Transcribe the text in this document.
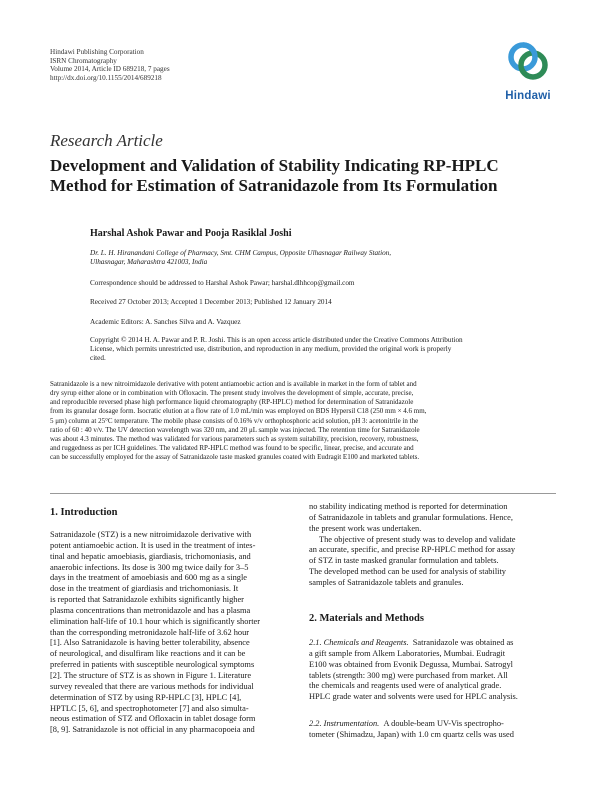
Hindawi Publishing Corporation
ISRN Chromatography
Volume 2014, Article ID 689218, 7 pages
http://dx.doi.org/10.1155/2014/689218
Hindawi
Research Article
Development and Validation of Stability Indicating RP-HPLC
Method for Estimation of Satranidazole from Its Formulation
Harshal Ashok Pawar and Pooja Rasiklal Joshi
Dr. L. H. Hiranandani College of Pharmacy, Smt. CHM Campus, Opposite Ulhasnagar Railway Station,
Ulhasnagar, Maharashtra 421003, India
Correspondence should be addressed to Harshal Ashok Pawar; harshal.dlhhcop@gmail.com
Received 27 October 2013; Accepted 1 December 2013; Published 12 January 2014
Academic Editors: A. Sanches Silva and A. Vazquez
Copyright © 2014 H. A. Pawar and P. R. Joshi. This is an open access article distributed under the Creative Commons Attribution
License, which permits unrestricted use, distribution, and reproduction in any medium, provided the original work is properly
cited.
Satranidazole is a new nitroimidazole derivative with potent antiamoebic action and is available in market in the form of tablet and
dry syrup either alone or in combination with Ofloxacin. The present study involves the development of simple, accurate, precise,
and reproducible reversed phase high performance liquid chromatography (RP-HPLC) method for determination of Satranidazole
from its granular dosage form. Isocratic elution at a flow rate of 1.0 mL/min was employed on BDS Hypersil C18 (250 mm × 4.6 mm,
5 μm) column at 25°C temperature. The mobile phase consists of 0.16% v/v orthophosphoric acid solution, pH 3: acetonitrile in the
ratio of 60 : 40 v/v. The UV detection wavelength was 320 nm, and 20 μL sample was injected. The retention time for Satranidazole
was about 4.3 minutes. The method was validated for various parameters such as system suitability, precision, recovery, robustness,
and ruggedness as per ICH guidelines. The validated RP-HPLC method was found to be specific, linear, precise, and accurate and
can be successfully employed for the assay of Satranidazole taste masked granules coated with Eudragit E100 and marketed tablets.
1. Introduction
Satranidazole (STZ) is a new nitroimidazole derivative with
potent antiamoebic action. It is used in the treatment of intes-
tinal and hepatic amoebiasis, giardiasis, trichomoniasis, and
anaerobic infections. Its dose is 300 mg twice daily for 3–5
days in the treatment of amoebiasis and 600 mg as a single
dose in the treatment of giardiasis and trichomoniasis. It
is reported that Satranidazole exhibits significantly higher
plasma concentrations than metronidazole and has a plasma
elimination half-life of 10.1 hour which is significantly shorter
than the corresponding metronidazole half-life of 3.62 hour
[1]. Also Satranidazole is having better tolerability, absence
of neurological, and disulfiram like reactions and it can be
preferred in patients with susceptible neurological symptoms
[2]. The structure of STZ is as shown in Figure 1. Literature
survey revealed that there are various methods for individual
determination of STZ by using RP-HPLC [3], HPLC [4],
HPTLC [5, 6], and spectrophotometer [7] and also simulta-
neous estimation of STZ and Ofloxacin in tablet dosage form
[8, 9]. Satranidazole is not official in any pharmacopoeia and
no stability indicating method is reported for determination
of Satranidazole in tablets and granular formulations. Hence,
the present work was undertaken.
The objective of present study was to develop and validate
an accurate, specific, and precise RP-HPLC method for assay
of STZ in taste masked granular formulation and tablets.
The developed method can be used for analysis of stability
samples of Satranidazole tablets and granules.
2. Materials and Methods
2.1. Chemicals and Reagents. Satranidazole was obtained as
a gift sample from Alkem Laboratories, Mumbai. Eudragit
E100 was obtained from Evonik Degussa, Mumbai. Satrogyl
tablets (strength: 300 mg) were purchased from market. All
the chemicals and reagents used were of analytical grade.
HPLC grade water and solvents were used for HPLC analysis.
2.2. Instrumentation. A double-beam UV-Vis spectropho-
tometer (Shimadzu, Japan) with 1.0 cm quartz cells was used
